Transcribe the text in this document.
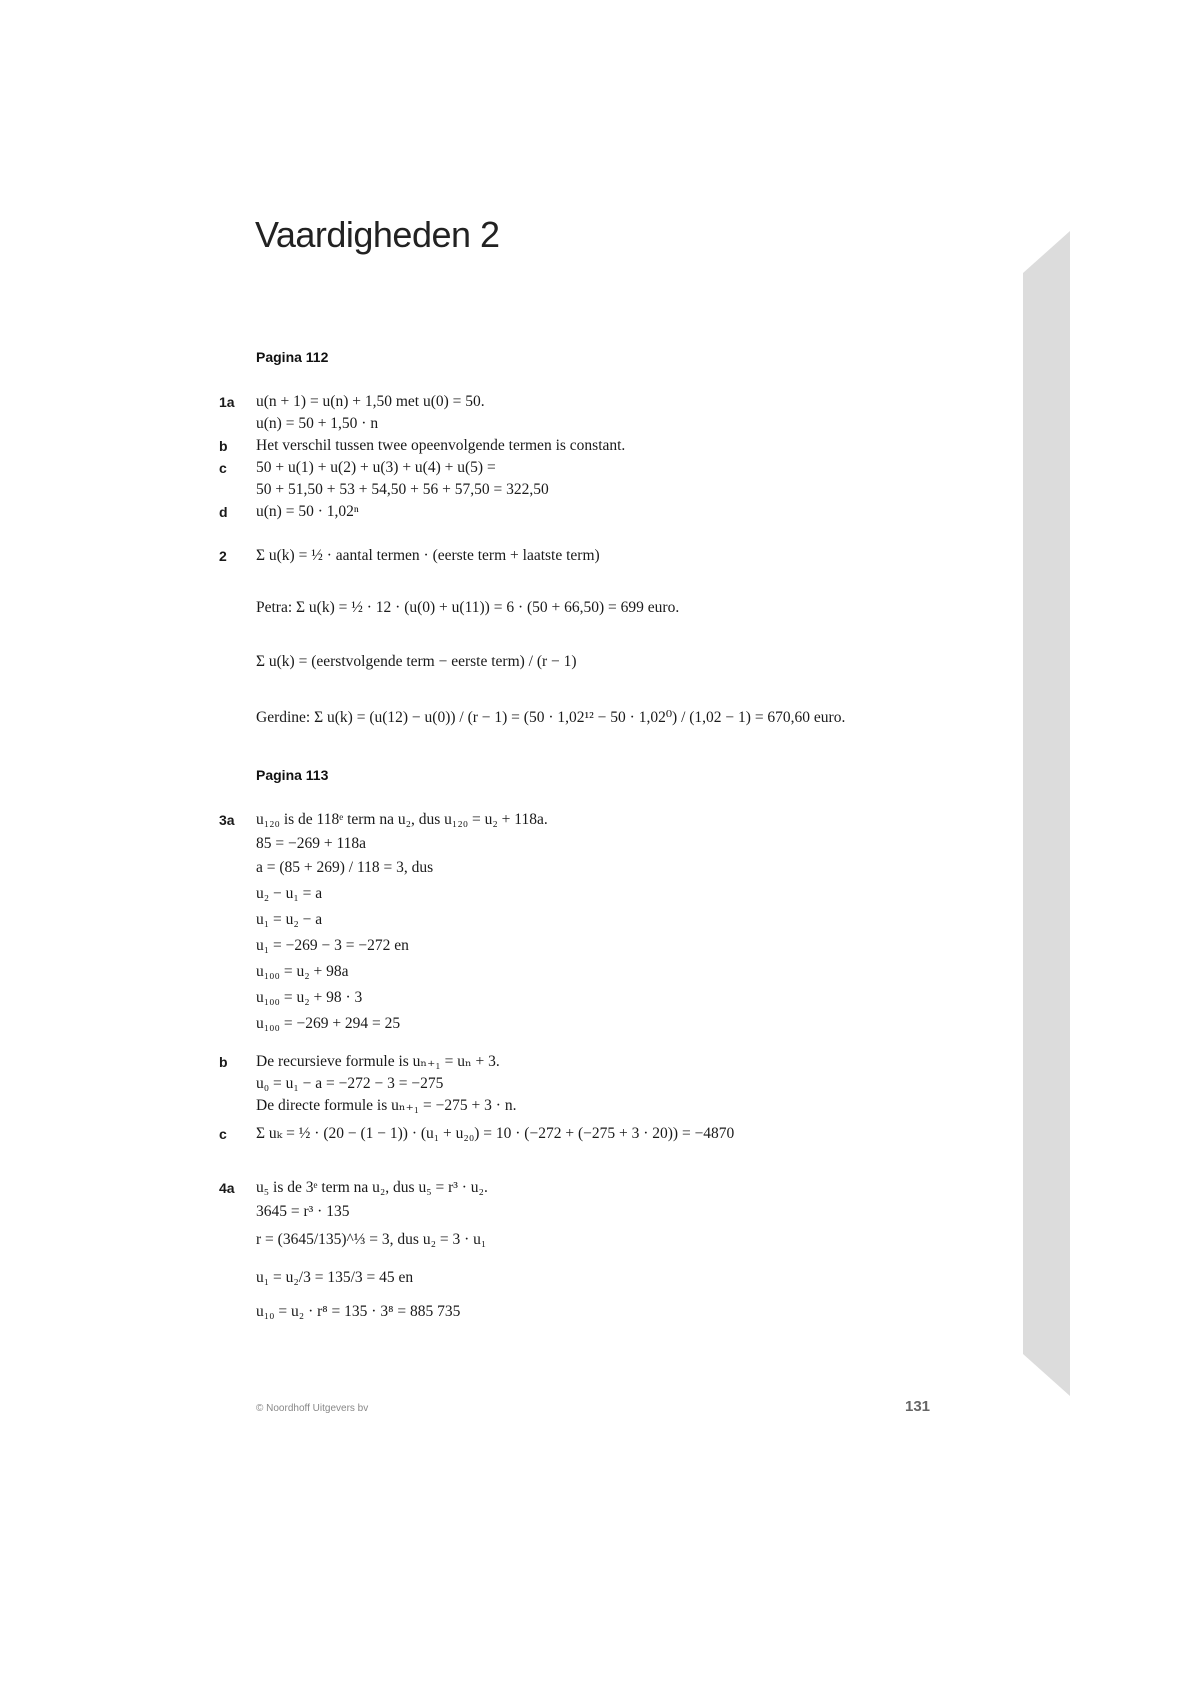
Vaardigheden 2
Pagina 112
1a	u(n + 1) = u(n) + 1,50 met u(0) = 50.
u(n) = 50 + 1,50 · n
b	Het verschil tussen twee opeenvolgende termen is constant.
c	50 + u(1) + u(2) + u(3) + u(4) + u(5) =
50 + 51,50 + 53 + 54,50 + 56 + 57,50 = 322,50
d	u(n) = 50 · 1,02ⁿ
2	Σ u(k) = ½ · aantal termen · (eerste term + laatste term)
Petra: Σ u(k) = ½ · 12 · (u(0) + u(11)) = 6 · (50 + 66,50) = 699 euro.
Σ u(k) = (eerstvolgende term − eerste term) / (r − 1)
Gerdine: Σ u(k) = (u(12) − u(0)) / (r − 1) = (50 · 1,02¹² − 50 · 1,02⁰) / (1,02 − 1) = 670,60 euro.
Pagina 113
3a	u₁₂₀ is de 118ᵉ term na u₂, dus u₁₂₀ = u₂ + 118a.
85 = −269 + 118a
a = (85 + 269) / 118 = 3, dus
u₂ − u₁ = a
u₁ = u₂ − a
u₁ = −269 − 3 = −272 en
u₁₀₀ = u₂ + 98a
u₁₀₀ = u₂ + 98 · 3
u₁₀₀ = −269 + 294 = 25
b	De recursieve formule is uₙ₊₁ = uₙ + 3.
u₀ = u₁ − a = −272 − 3 = −275
De directe formule is uₙ₊₁ = −275 + 3 · n.
c	Σ uₖ = ½ · (20 − (1 − 1)) · (u₁ + u₂₀) = 10 · (−272 + (−275 + 3 · 20)) = −4870
4a	u₅ is de 3ᵉ term na u₂, dus u₅ = r³ · u₂.
3645 = r³ · 135
r = (3645/135)^⅓ = 3, dus u₂ = 3 · u₁
u₁ = u₂/3 = 135/3 = 45 en
u₁₀ = u₂ · r⁸ = 135 · 3⁸ = 885 735
© Noordhoff Uitgevers bv	131
